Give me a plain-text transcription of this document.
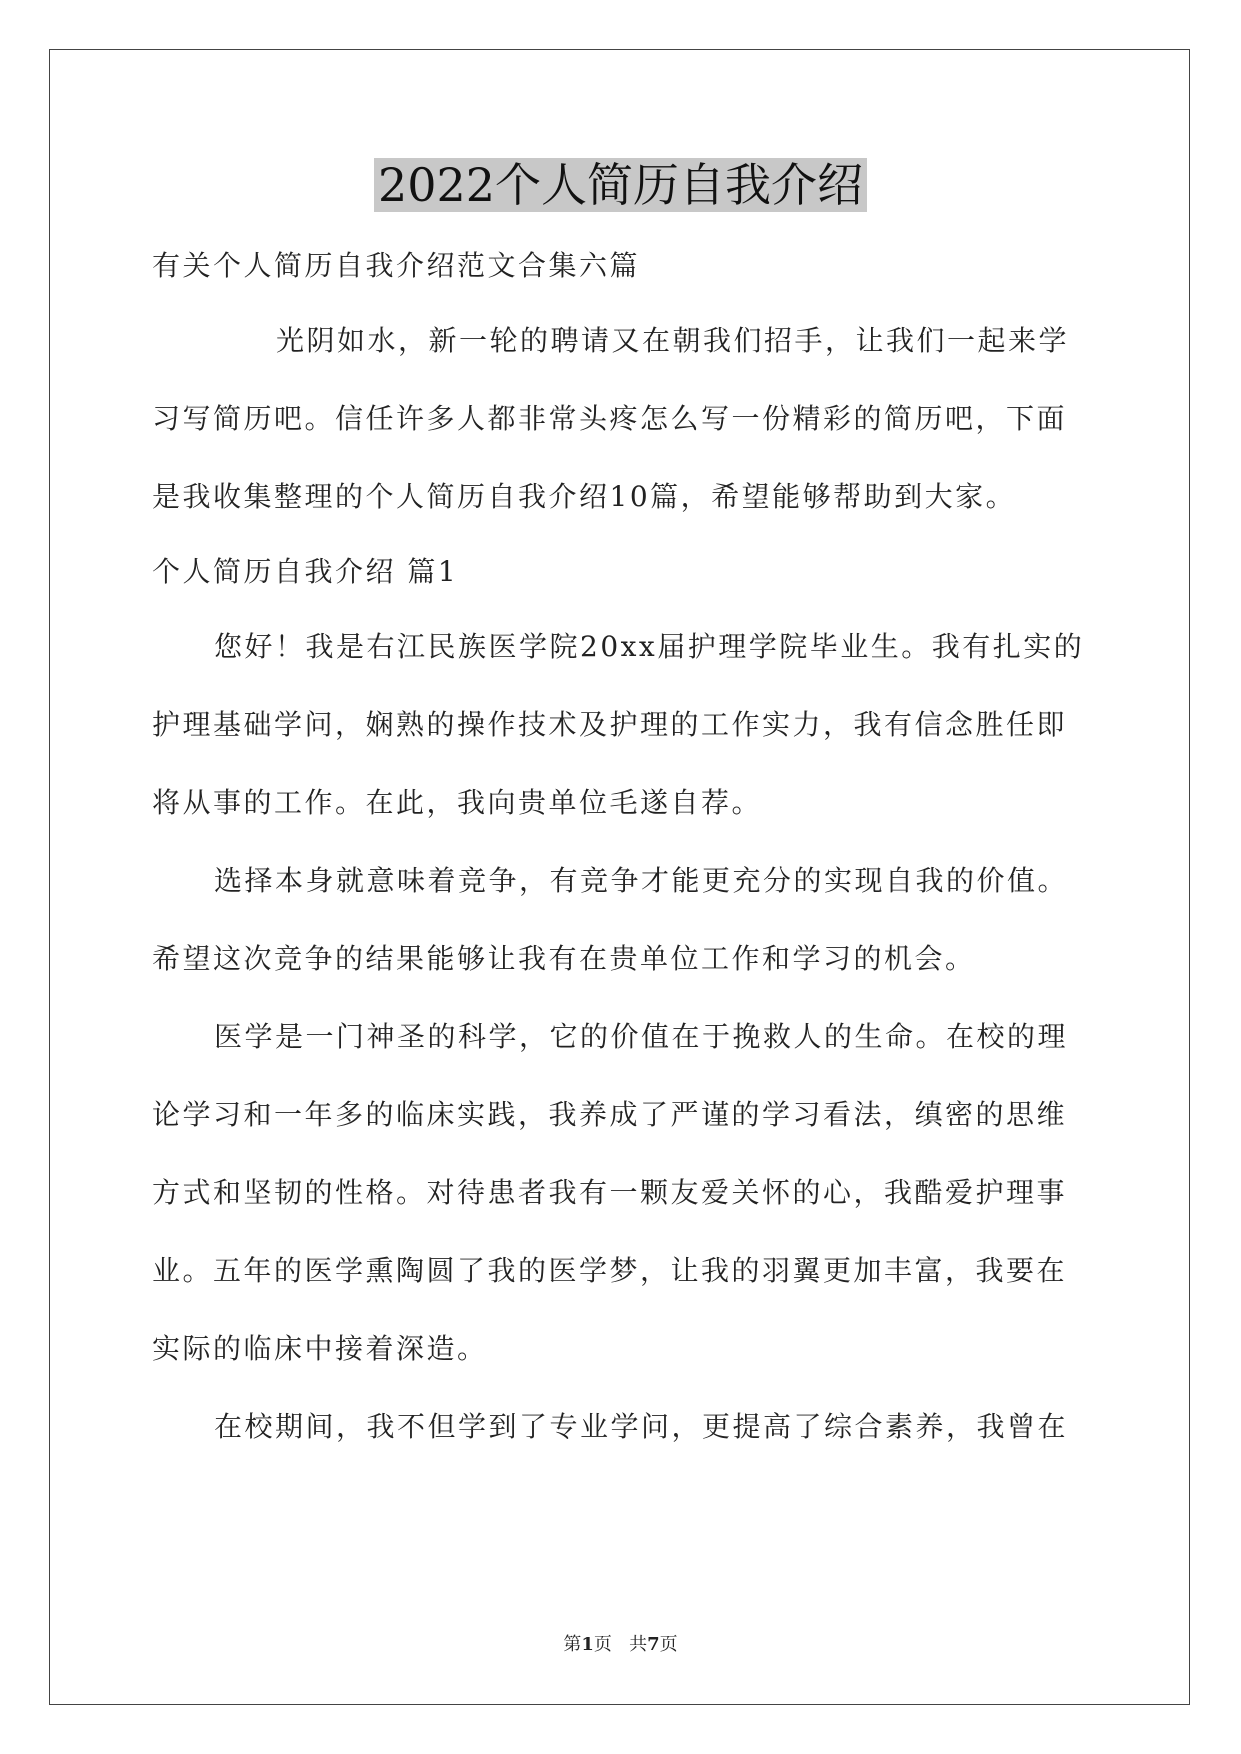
2022个人简历自我介绍
有关个人简历自我介绍范文合集六篇
光阴如水，新一轮的聘请又在朝我们招手，让我们一起来学
习写简历吧。信任许多人都非常头疼怎么写一份精彩的简历吧，下面
是我收集整理的个人简历自我介绍10篇，希望能够帮助到大家。
个人简历自我介绍 篇1
您好！我是右江民族医学院20xx届护理学院毕业生。我有扎实的
护理基础学问，娴熟的操作技术及护理的工作实力，我有信念胜任即
将从事的工作。在此，我向贵单位毛遂自荐。
选择本身就意味着竞争，有竞争才能更充分的实现自我的价值。
希望这次竞争的结果能够让我有在贵单位工作和学习的机会。
医学是一门神圣的科学，它的价值在于挽救人的生命。在校的理
论学习和一年多的临床实践，我养成了严谨的学习看法，缜密的思维
方式和坚韧的性格。对待患者我有一颗友爱关怀的心，我酷爱护理事
业。五年的医学熏陶圆了我的医学梦，让我的羽翼更加丰富，我要在
实际的临床中接着深造。
在校期间，我不但学到了专业学问，更提高了综合素养，我曾在
第1页 共7页
